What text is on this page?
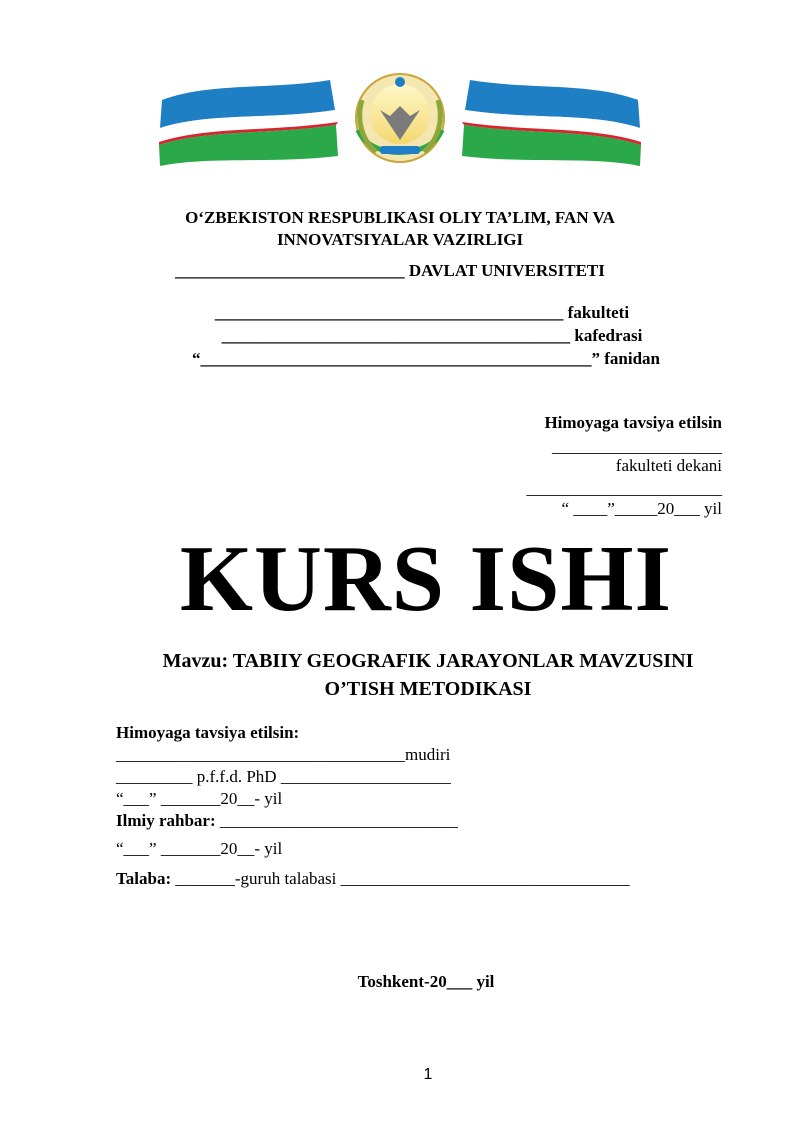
O‘ZBEKISTON RESPUBLIKASI OLIY TA’LIM, FAN VA
INNOVATSIYALAR VAZIRLIGI
___________________________ DAVLAT UNIVERSITETI
_________________________________________ fakulteti
_________________________________________ kafedrasi
“______________________________________________” fanidan
Himoyaga tavsiya etilsin
____________________
fakulteti dekani
_______________________
“ ____”_____20___ yil
KURS ISHI
Mavzu: TABIIY GEOGRAFIK JARAYONLAR MAVZUSINI
O’TISH METODIKASI
Himoyaga tavsiya etilsin:
__________________________________mudiri
_________ p.f.f.d. PhD ____________________
“___” _______20__- yil
Ilmiy rahbar: ____________________________
“___” _______20__- yil
Talaba: _______-guruh talabasi __________________________________
Toshkent-20___ yil
1
